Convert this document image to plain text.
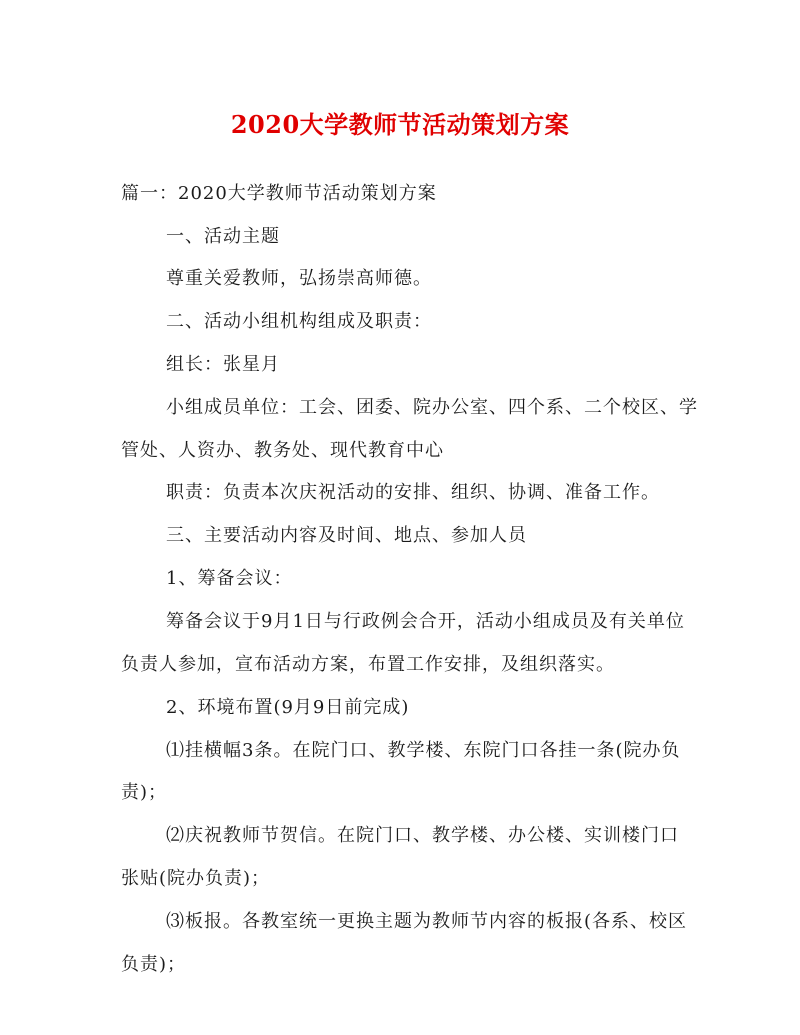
2020大学教师节活动策划方案
篇一：2020大学教师节活动策划方案
一、活动主题
尊重关爱教师，弘扬崇高师德。
二、活动小组机构组成及职责：
组长：张星月
小组成员单位：工会、团委、院办公室、四个系、二个校区、学
管处、人资办、教务处、现代教育中心
职责：负责本次庆祝活动的安排、组织、协调、准备工作。
三、主要活动内容及时间、地点、参加人员
1、筹备会议：
筹备会议于9月1日与行政例会合开，活动小组成员及有关单位
负责人参加，宣布活动方案，布置工作安排，及组织落实。
2、环境布置(9月9日前完成)
⑴挂横幅3条。在院门口、教学楼、东院门口各挂一条(院办负
责)；
⑵庆祝教师节贺信。在院门口、教学楼、办公楼、实训楼门口
张贴(院办负责)；
⑶板报。各教室统一更换主题为教师节内容的板报(各系、校区
负责)；
